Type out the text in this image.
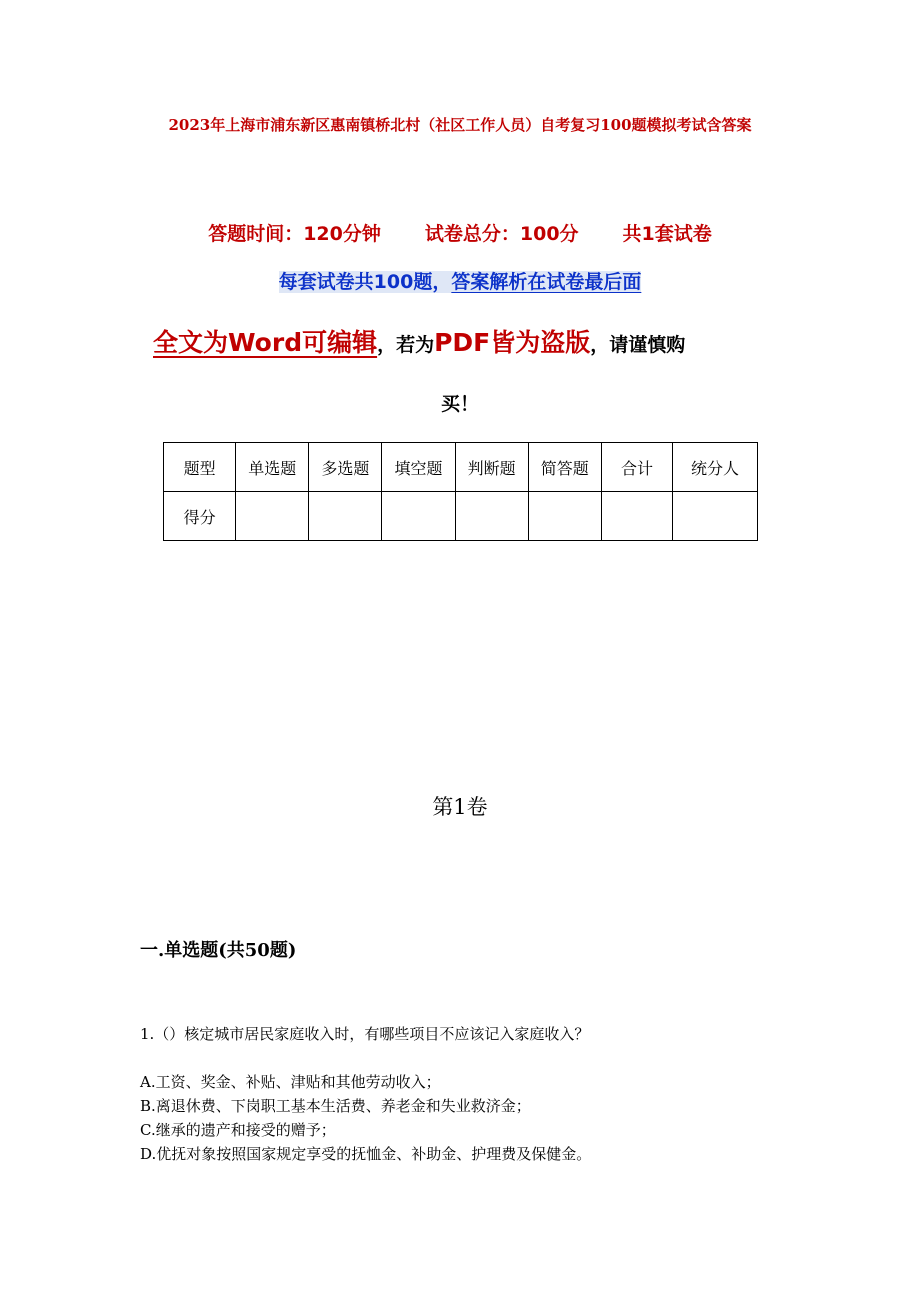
2023年上海市浦东新区惠南镇桥北村（社区工作人员）自考复习100题模拟考试含答案
答题时间：120分钟 试卷总分：100分 共1套试卷
每套试卷共100题，答案解析在试卷最后面
全文为Word可编辑，若为PDF皆为盗版，请谨慎购
买！
题型	单选题	多选题	填空题	判断题	简答题	合计	统分人
得分							
第1卷
一.单选题(共50题)
1.（）核定城市居民家庭收入时，有哪些项目不应该记入家庭收入？
A.工资、奖金、补贴、津贴和其他劳动收入；
B.离退休费、下岗职工基本生活费、养老金和失业救济金；
C.继承的遗产和接受的赠予；
D.优抚对象按照国家规定享受的抚恤金、补助金、护理费及保健金。
